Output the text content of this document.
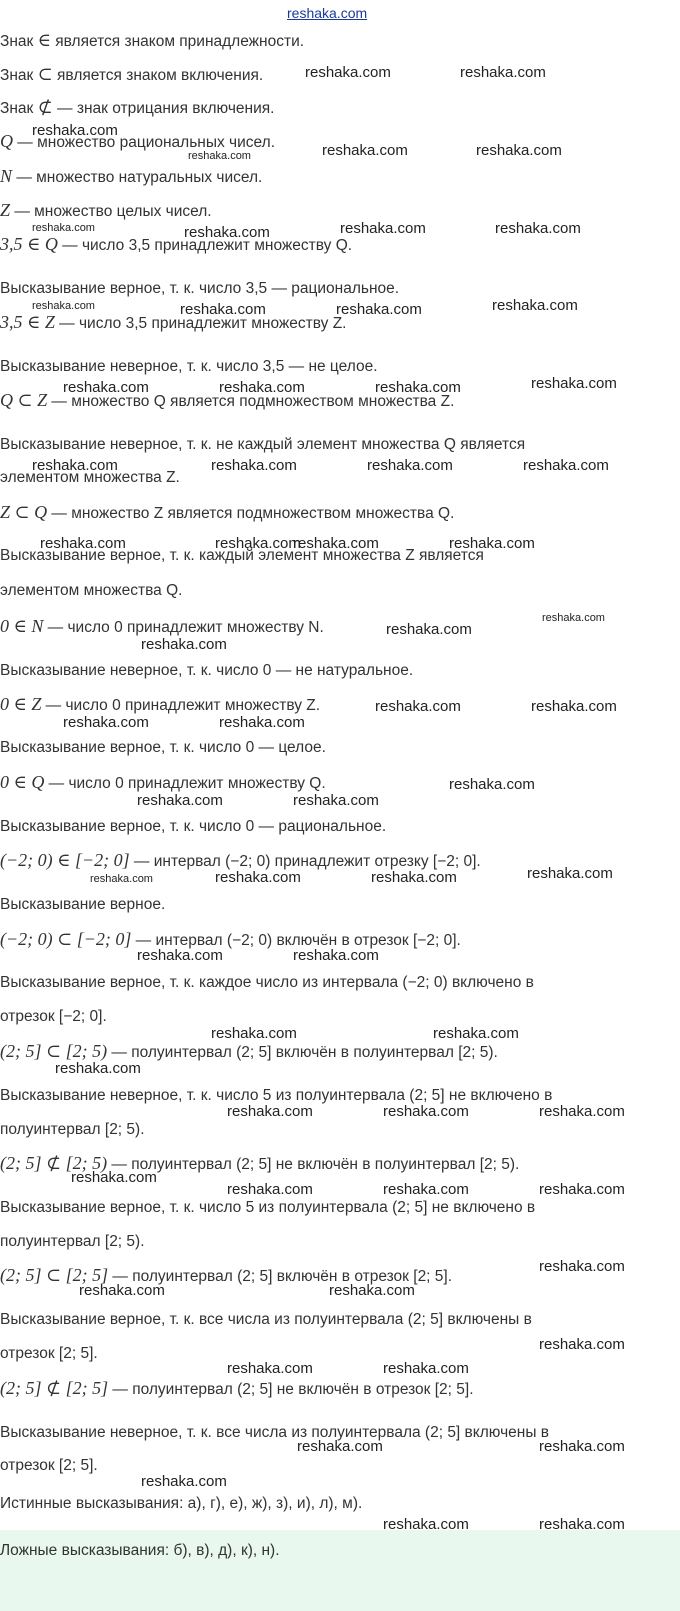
reshaka.com
reshaka.com	reshaka.com
reshaka.com
reshaka.com	reshaka.com	reshaka.com
reshaka.com	reshaka.com	reshaka.com	reshaka.com
reshaka.com	reshaka.com	reshaka.com	reshaka.com
reshaka.com	reshaka.com	reshaka.com	reshaka.com
reshaka.com	reshaka.com	reshaka.com	reshaka.com
reshaka.com	reshaka.com
reshaka.com	reshaka.com
reshaka.com
reshaka.com
reshaka.com
reshaka.com	reshaka.com
reshaka.com	reshaka.com
reshaka.com
reshaka.com	reshaka.com
reshaka.com	reshaka.com	reshaka.com	reshaka.com
reshaka.com	reshaka.com
reshaka.com	reshaka.com
reshaka.com
reshaka.com	reshaka.com	reshaka.com
reshaka.com
reshaka.com	reshaka.com	reshaka.com
reshaka.com
reshaka.com	reshaka.com
reshaka.com
reshaka.com	reshaka.com
reshaka.com	reshaka.com
reshaka.com
reshaka.com	reshaka.com
Знак ∈ является знаком принадлежности.
Знак ⊂ является знаком включения.
Знак ⊄ — знак отрицания включения.
Q — множество рациональных чисел.
N — множество натуральных чисел.
Z — множество целых чисел.
3,5 ∈ Q — число 3,5 принадлежит множеству Q.
Высказывание верное, т. к. число 3,5 — рациональное.
3,5 ∈ Z — число 3,5 принадлежит множеству Z.
Высказывание неверное, т. к. число 3,5 — не целое.
Q ⊂ Z — множество Q является подмножеством множества Z.
Высказывание неверное, т. к. не каждый элемент множества Q является
элементом множества Z.
Z ⊂ Q — множество Z является подмножеством множества Q.
Высказывание верное, т. к. каждый элемент множества Z является
элементом множества Q.
0 ∈ N — число 0 принадлежит множеству N.
Высказывание неверное, т. к. число 0 — не натуральное.
0 ∈ Z — число 0 принадлежит множеству Z.
Высказывание верное, т. к. число 0 — целое.
0 ∈ Q — число 0 принадлежит множеству Q.
Высказывание верное, т. к. число 0 — рациональное.
(−2; 0) ∈ [−2; 0] — интервал (−2; 0) принадлежит отрезку [−2; 0].
Высказывание верное.
(−2; 0) ⊂ [−2; 0] — интервал (−2; 0) включён в отрезок [−2; 0].
Высказывание верное, т. к. каждое число из интервала (−2; 0) включено в
отрезок [−2; 0].
(2; 5] ⊂ [2; 5) — полуинтервал (2; 5] включён в полуинтервал [2; 5).
Высказывание неверное, т. к. число 5 из полуинтервала (2; 5] не включено в
полуинтервал [2; 5).
(2; 5] ⊄ [2; 5) — полуинтервал (2; 5] не включён в полуинтервал [2; 5).
Высказывание верное, т. к. число 5 из полуинтервала (2; 5] не включено в
полуинтервал [2; 5).
(2; 5] ⊂ [2; 5] — полуинтервал (2; 5] включён в отрезок [2; 5].
Высказывание верное, т. к. все числа из полуинтервала (2; 5] включены в
отрезок [2; 5].
(2; 5] ⊄ [2; 5] — полуинтервал (2; 5] не включён в отрезок [2; 5].
Высказывание неверное, т. к. все числа из полуинтервала (2; 5] включены в
отрезок [2; 5].
Истинные высказывания: а), г), е), ж), з), и), л), м).
Ложные высказывания: б), в), д), к), н).
